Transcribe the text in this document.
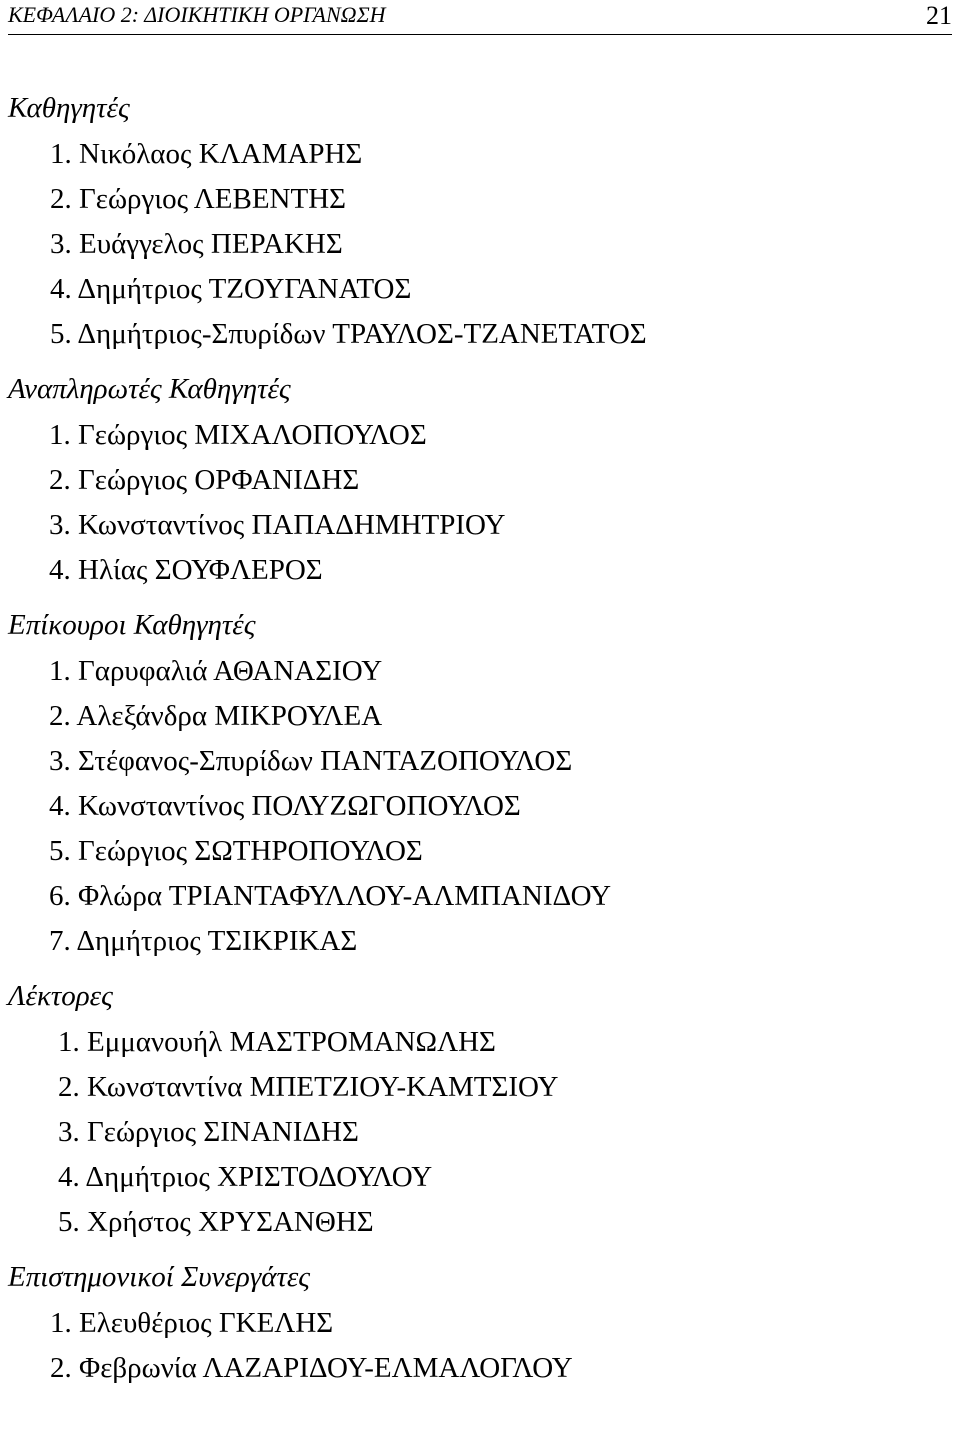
ΚΕΦΑΛΑΙΟ 2: ΔΙΟΙΚΗΤΙΚΗ ΟΡΓΑΝΩΣΗ	21
Καθηγητές
1. Νικόλαος ΚΛΑΜΑΡΗΣ
2. Γεώργιος ΛΕΒΕΝΤΗΣ
3. Ευάγγελος ΠΕΡΑΚΗΣ
4. Δημήτριος ΤΖΟΥΓΑΝΑΤΟΣ
5. Δημήτριος-Σπυρίδων ΤΡΑΥΛΟΣ-ΤΖΑΝΕΤΑΤΟΣ
Αναπληρωτές Καθηγητές
1. Γεώργιος ΜΙΧΑΛΟΠΟΥΛΟΣ
2. Γεώργιος ΟΡΦΑΝΙΔΗΣ
3. Κωνσταντίνος ΠΑΠΑΔΗΜΗΤΡΙΟΥ
4. Ηλίας ΣΟΥΦΛΕΡΟΣ
Επίκουροι Καθηγητές
1. Γαρυφαλιά ΑΘΑΝΑΣΙΟΥ
2. Αλεξάνδρα ΜΙΚΡΟΥΛΕΑ
3. Στέφανος-Σπυρίδων ΠΑΝΤΑΖΟΠΟΥΛΟΣ
4. Κωνσταντίνος ΠΟΛΥΖΩΓΟΠΟΥΛΟΣ
5. Γεώργιος ΣΩΤΗΡΟΠΟΥΛΟΣ
6. Φλώρα ΤΡΙΑΝΤΑΦΥΛΛΟΥ-ΑΛΜΠΑΝΙΔΟΥ
7. Δημήτριος ΤΣΙΚΡΙΚΑΣ
Λέκτορες
1. Εμμανουήλ ΜΑΣΤΡΟΜΑΝΩΛΗΣ
2. Κωνσταντίνα ΜΠΕΤΖΙΟΥ-ΚΑΜΤΣΙΟΥ
3. Γεώργιος ΣΙΝΑΝΙΔΗΣ
4. Δημήτριος ΧΡΙΣΤΟΔΟΥΛΟΥ
5. Χρήστος ΧΡΥΣΑΝΘΗΣ
Επιστημονικοί Συνεργάτες
1. Ελευθέριος ΓΚΕΛΗΣ
2. Φεβρωνία ΛΑΖΑΡΙΔΟΥ-ΕΛΜΑΛΟΓΛΟΥ
